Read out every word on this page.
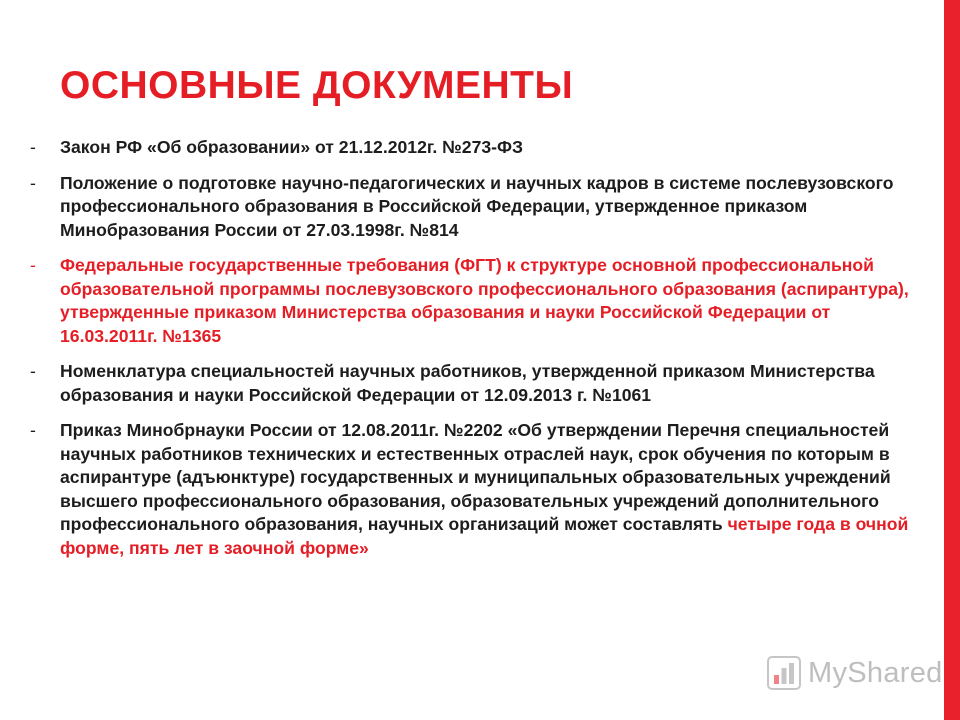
ОСНОВНЫЕ ДОКУМЕНТЫ
- Закон РФ «Об образовании» от 21.12.2012г. №273-ФЗ
- Положение о подготовке научно-педагогических и научных кадров в системе послевузовского профессионального образования в Российской Федерации, утвержденное приказом Минобразования России от 27.03.1998г. №814
- Федеральные государственные требования (ФГТ) к структуре основной профессиональной образовательной программы послевузовского профессионального образования (аспирантура), утвержденные приказом Министерства образования и науки Российской Федерации от 16.03.2011г. №1365
- Номенклатура специальностей научных работников, утвержденной приказом Министерства образования и науки Российской Федерации от 12.09.2013 г. №1061
- Приказ Минобрнауки России от 12.08.2011г. №2202 «Об утверждении Перечня специальностей научных работников технических и естественных отраслей наук, срок обучения по которым в аспирантуре (адъюнктуре) государственных и муниципальных образовательных учреждений высшего профессионального образования, образовательных учреждений дополнительного профессионального образования, научных организаций может составлять четыре года в очной форме, пять лет в заочной форме»
MyShared
